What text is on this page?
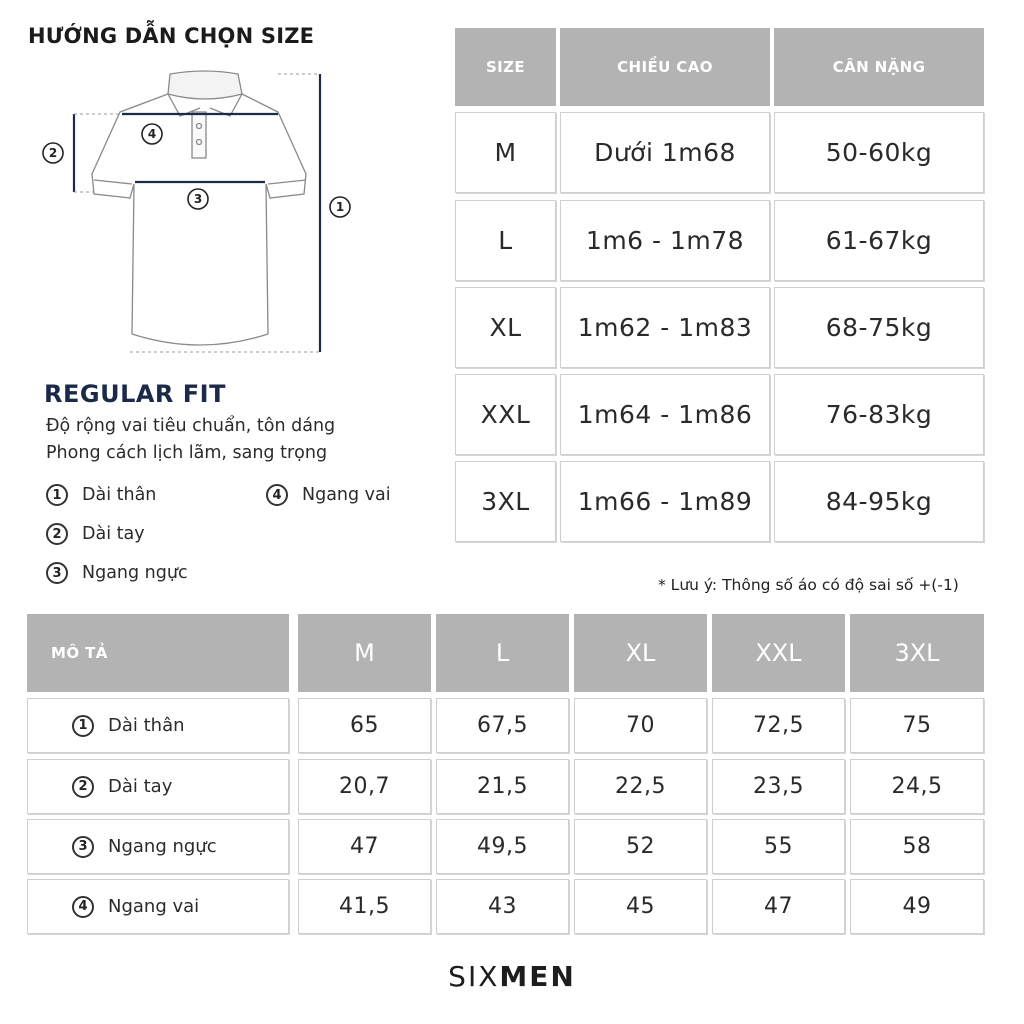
HƯỚNG DẪN CHỌN SIZE
1
2
3
4
REGULAR FIT
Độ rộng vai tiêu chuẩn, tôn dáng
Phong cách lịch lãm, sang trọng
1	Dài thân	4	Ngang vai
2	Dài tay
3	Ngang ngực
SIZE	CHIỀU CAO	CÂN NẶNG
M	Dưới 1m68	50-60kg
L	1m6 - 1m78	61-67kg
XL	1m62 - 1m83	68-75kg
XXL	1m64 - 1m86	76-83kg
3XL	1m66 - 1m89	84-95kg
* Lưu ý: Thông số áo có độ sai số +(-1)
MÔ TẢ	M	L	XL	XXL	3XL
1	Dài thân	65	67,5	70	72,5	75
2	Dài tay	20,7	21,5	22,5	23,5	24,5
3	Ngang ngực	47	49,5	52	55	58
4	Ngang vai	41,5	43	45	47	49
SIXMEN
